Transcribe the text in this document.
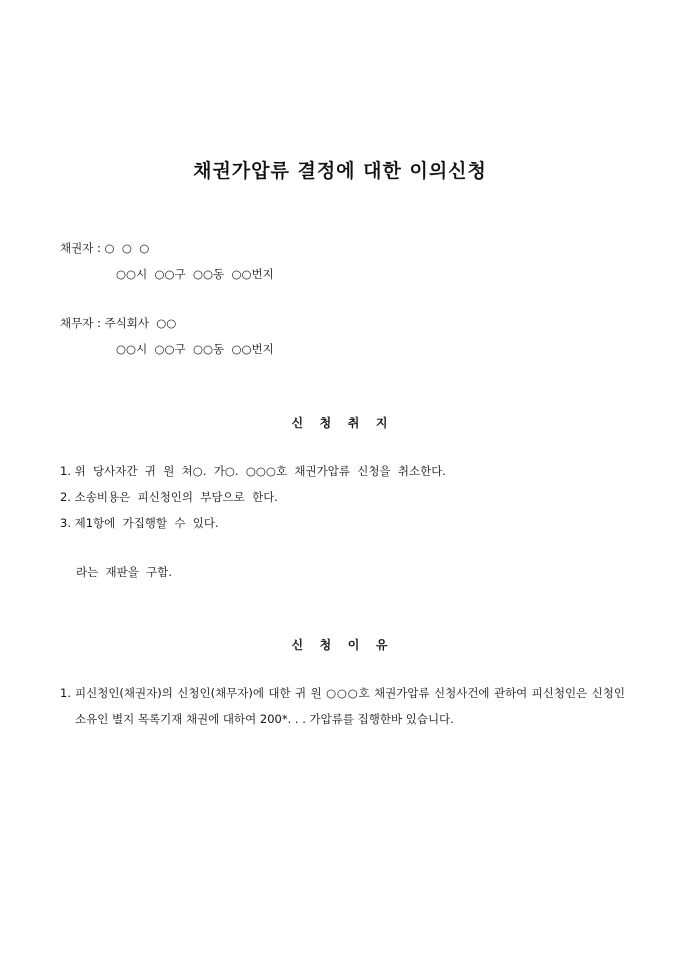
채권가압류 결정에 대한 이의신청
채권자 : ○  ○  ○
○○시  ○○구  ○○동  ○○번지
채무자 : 주식회사  ○○
○○시  ○○구  ○○동  ○○번지
신   청   취   지
1. 위  당사자간  귀  원  쳐○.  가○.  ○○○호  채권가압류  신청을  취소한다.
2. 소송비용은  피신청인의  부담으로  한다.
3. 제1항에  가집행할  수  있다.
라는  재판을  구함.
신   청   이   유
1. 피신청인(채권자)의 신청인(채무자)에 대한 귀 원 ○○○호 채권가압류 신청사건에 관하여 피신청인은 신청인 소유인 별지 목록기재 채권에 대하여 200*. . . 가압류를 집행한바 있습니다.
